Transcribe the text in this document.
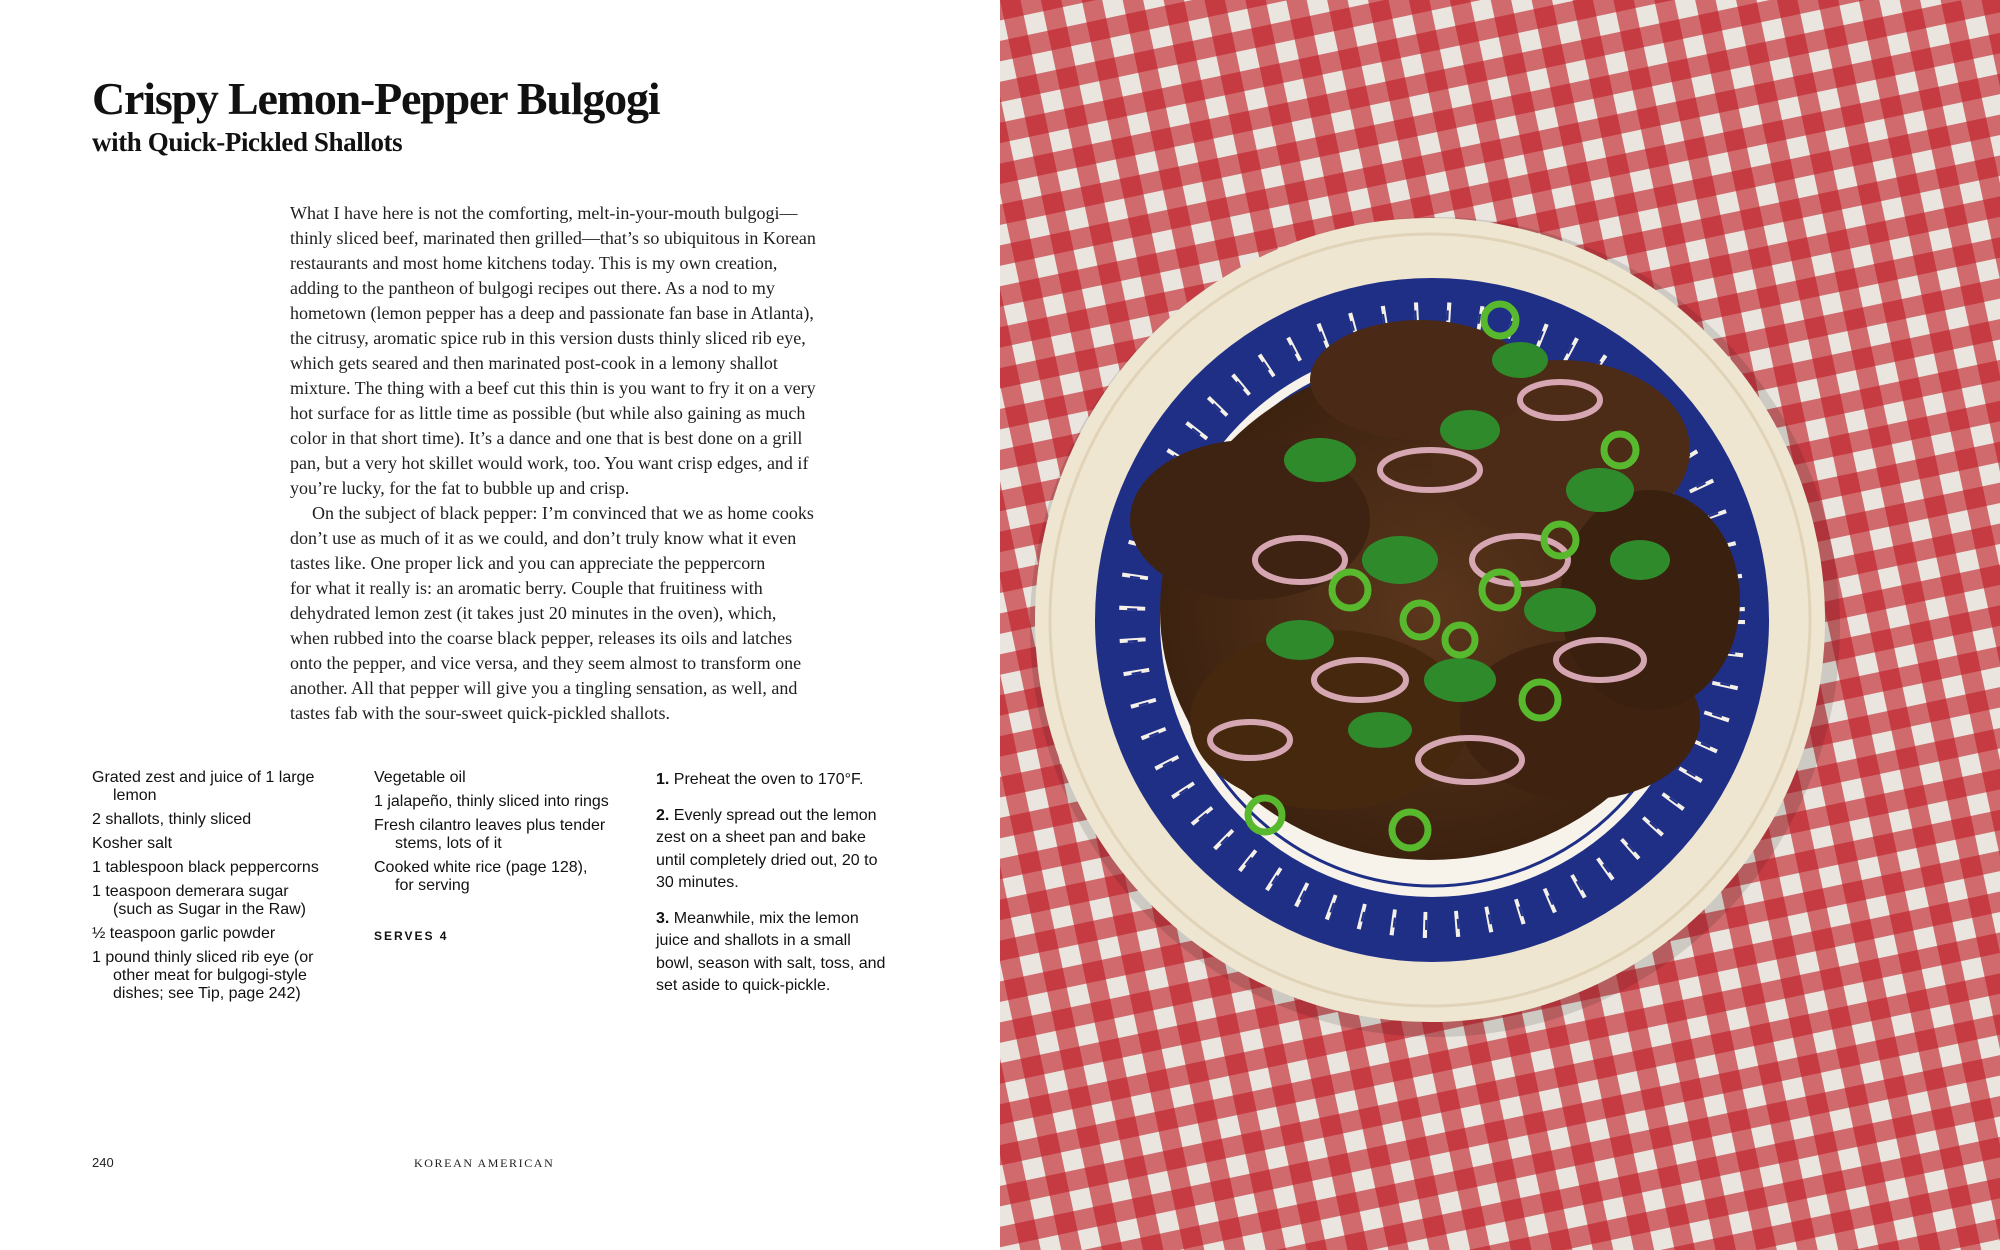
Crispy Lemon-Pepper Bulgogi
with Quick-Pickled Shallots

What I have here is not the comforting, melt-in-your-mouth bulgogi—
thinly sliced beef, marinated then grilled—that’s so ubiquitous in Korean
restaurants and most home kitchens today. This is my own creation,
adding to the pantheon of bulgogi recipes out there. As a nod to my
hometown (lemon pepper has a deep and passionate fan base in Atlanta),
the citrusy, aromatic spice rub in this version dusts thinly sliced rib eye,
which gets seared and then marinated post-cook in a lemony shallot
mixture. The thing with a beef cut this thin is you want to fry it on a very
hot surface for as little time as possible (but while also gaining as much
color in that short time). It’s a dance and one that is best done on a grill
pan, but a very hot skillet would work, too. You want crisp edges, and if
you’re lucky, for the fat to bubble up and crisp.

On the subject of black pepper: I’m convinced that we as home cooks
don’t use as much of it as we could, and don’t truly know what it even
tastes like. One proper lick and you can appreciate the peppercorn
for what it really is: an aromatic berry. Couple that fruitiness with
dehydrated lemon zest (it takes just 20 minutes in the oven), which,
when rubbed into the coarse black pepper, releases its oils and latches
onto the pepper, and vice versa, and they seem almost to transform one
another. All that pepper will give you a tingling sensation, as well, and
tastes fab with the sour-sweet quick-pickled shallots.

Grated zest and juice of 1 large
lemon
2 shallots, thinly sliced
Kosher salt
1 tablespoon black peppercorns
1 teaspoon demerara sugar
(such as Sugar in the Raw)
½ teaspoon garlic powder
1 pound thinly sliced rib eye (or
other meat for bulgogi-style
dishes; see Tip, page 242)
Vegetable oil
1 jalapeño, thinly sliced into rings
Fresh cilantro leaves plus tender
stems, lots of it
Cooked white rice (page 128),
for serving
SERVES 4

1. Preheat the oven to 170°F.

2. Evenly spread out the lemon
zest on a sheet pan and bake
until completely dried out, 20 to
30 minutes.

3. Meanwhile, mix the lemon
juice and shallots in a small
bowl, season with salt, toss, and
set aside to quick-pickle.

240	KOREAN AMERICAN
